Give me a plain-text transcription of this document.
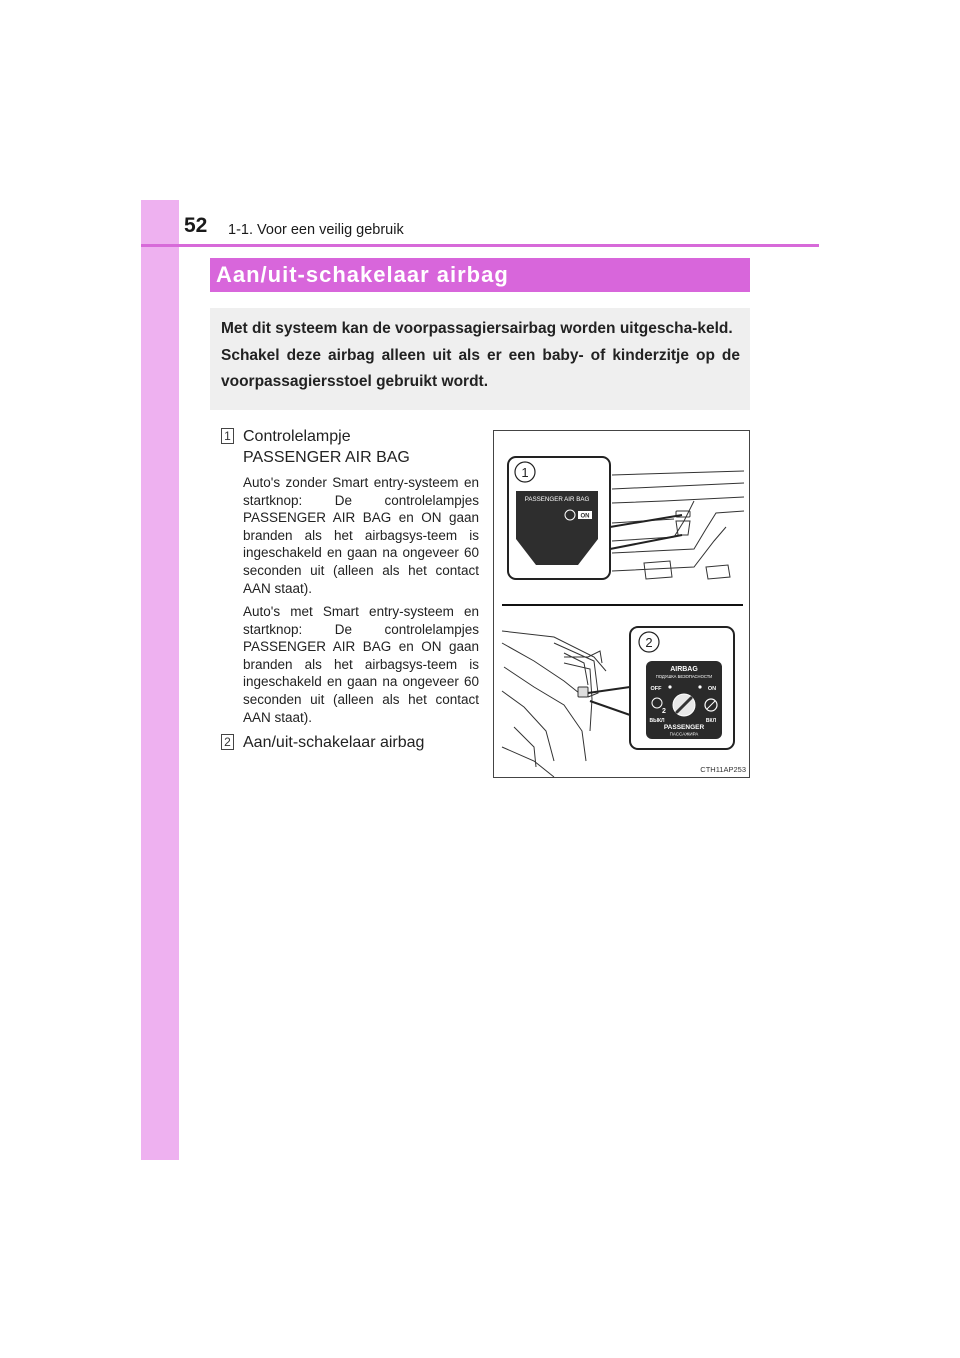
52 1-1. Voor een veilig gebruik
Aan/uit-schakelaar airbag

Met dit systeem kan de voorpassagiersairbag worden uitgescha-keld.

Schakel deze airbag alleen uit als er een baby- of kinderzitje op de voorpassagiersstoel gebruikt wordt.

1 Controlelampje
PASSENGER AIR BAG
Auto's zonder Smart entry-systeem en startknop: De controlelampjes PASSENGER AIR BAG en ON gaan branden als het airbagsys-teem is ingeschakeld en gaan na ongeveer 60 seconden uit (alleen als het contact AAN staat).
Auto's met Smart entry-systeem en startknop: De controlelampjes PASSENGER AIR BAG en ON gaan branden als het airbagsys-teem is ingeschakeld en gaan na ongeveer 60 seconden uit (alleen als het contact AAN staat).
2 Aan/uit-schakelaar airbag
1
PASSENGER AIR BAG
ON
2
AIRBAG
ПОДУШКА БЕЗОПАСНОСТИ
OFF	ON
2
ВЫКЛ	ВКЛ
PASSENGER
ПАССАЖИРА
CTH11AP253
